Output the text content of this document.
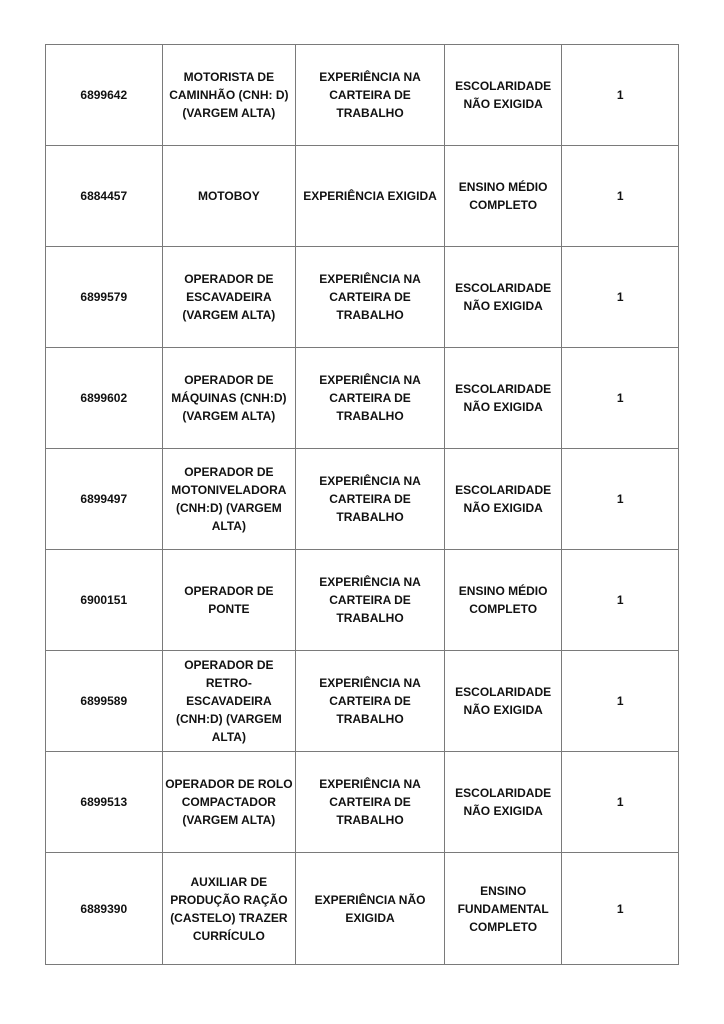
6899642	MOTORISTA DE
CAMINHÃO (CNH: D)
(VARGEM ALTA)	EXPERIÊNCIA NA
CARTEIRA DE
TRABALHO	ESCOLARIDADE
NÃO EXIGIDA	1
6884457	MOTOBOY	EXPERIÊNCIA EXIGIDA	ENSINO MÉDIO
COMPLETO	1
6899579	OPERADOR DE
ESCAVADEIRA
(VARGEM ALTA)	EXPERIÊNCIA NA
CARTEIRA DE
TRABALHO	ESCOLARIDADE
NÃO EXIGIDA	1
6899602	OPERADOR DE
MÁQUINAS (CNH:D)
(VARGEM ALTA)	EXPERIÊNCIA NA
CARTEIRA DE
TRABALHO	ESCOLARIDADE
NÃO EXIGIDA	1
6899497	OPERADOR DE
MOTONIVELADORA
(CNH:D) (VARGEM
ALTA)	EXPERIÊNCIA NA
CARTEIRA DE
TRABALHO	ESCOLARIDADE
NÃO EXIGIDA	1
6900151	OPERADOR DE
PONTE	EXPERIÊNCIA NA
CARTEIRA DE
TRABALHO	ENSINO MÉDIO
COMPLETO	1
6899589	OPERADOR DE RETRO-
ESCAVADEIRA
(CNH:D) (VARGEM
ALTA)	EXPERIÊNCIA NA
CARTEIRA DE
TRABALHO	ESCOLARIDADE
NÃO EXIGIDA	1
6899513	OPERADOR DE ROLO
COMPACTADOR
(VARGEM ALTA)	EXPERIÊNCIA NA
CARTEIRA DE
TRABALHO	ESCOLARIDADE
NÃO EXIGIDA	1
6889390	AUXILIAR DE
PRODUÇÃO RAÇÃO
(CASTELO) TRAZER
CURRÍCULO	EXPERIÊNCIA NÃO
EXIGIDA	ENSINO
FUNDAMENTAL
COMPLETO	1
